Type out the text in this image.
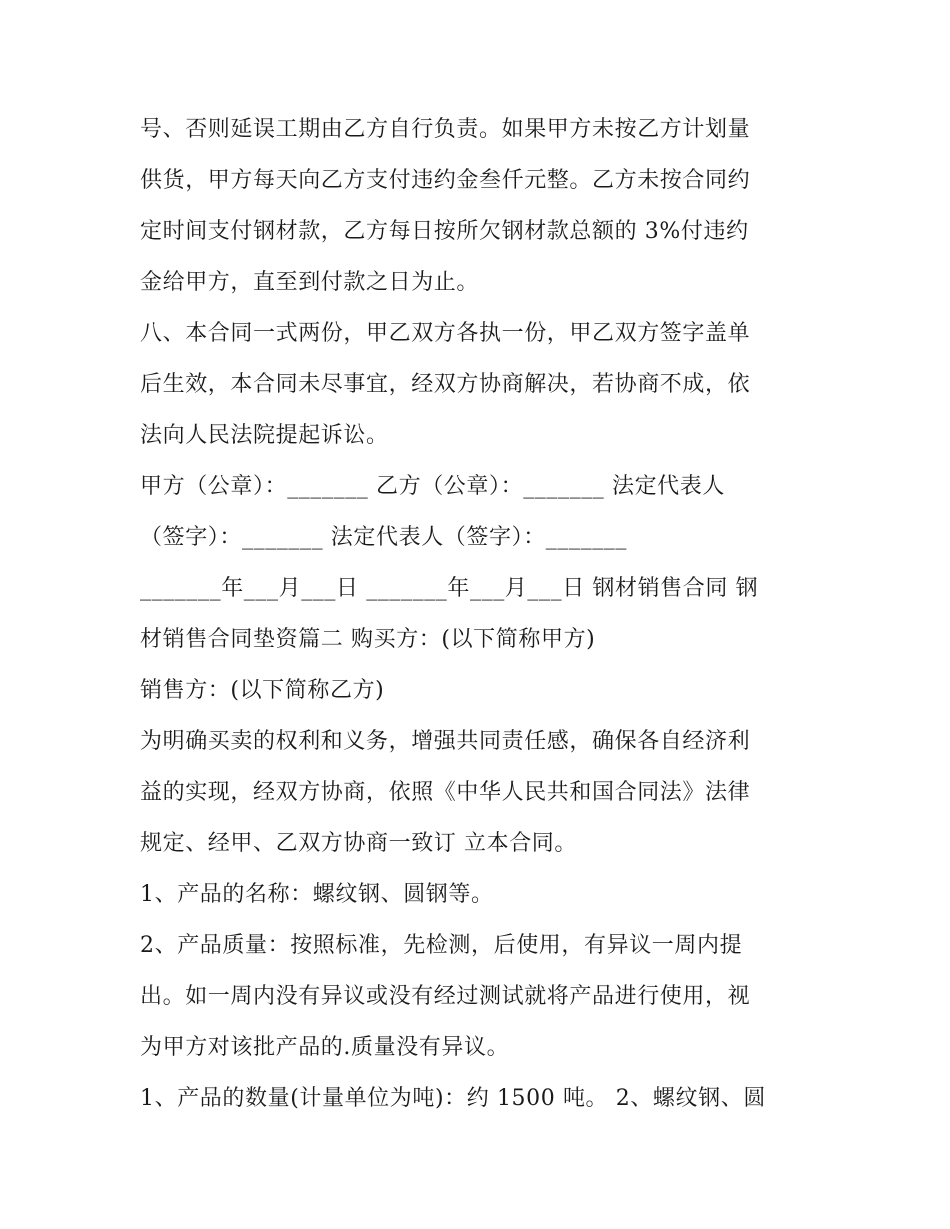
号、否则延误工期由乙方自行负责。如果甲方未按乙方计划量
供货，甲方每天向乙方支付违约金叁仟元整。乙方未按合同约
定时间支付钢材款，乙方每日按所欠钢材款总额的 3%付违约
金给甲方，直至到付款之日为止。
八、本合同一式两份，甲乙双方各执一份，甲乙双方签字盖单
后生效，本合同未尽事宜，经双方协商解决，若协商不成，依
法向人民法院提起诉讼。
甲方（公章）：_______ 乙方（公章）：_______ 法定代表人
（签字）：_______ 法定代表人（签字）：_______
_______年___月___日 _______年___月___日 钢材销售合同 钢
材销售合同垫资篇二 购买方：(以下简称甲方)
销售方：(以下简称乙方)
为明确买卖的权利和义务，增强共同责任感，确保各自经济利
益的实现，经双方协商，依照《中华人民共和国合同法》法律
规定、经甲、乙双方协商一致订 立本合同。
1、产品的名称：螺纹钢、圆钢等。
2、产品质量：按照标准，先检测，后使用，有异议一周内提
出。如一周内没有异议或没有经过测试就将产品进行使用，视
为甲方对该批产品的.质量没有异议。
1、产品的数量(计量单位为吨)：约 1500 吨。 2、螺纹钢、圆
